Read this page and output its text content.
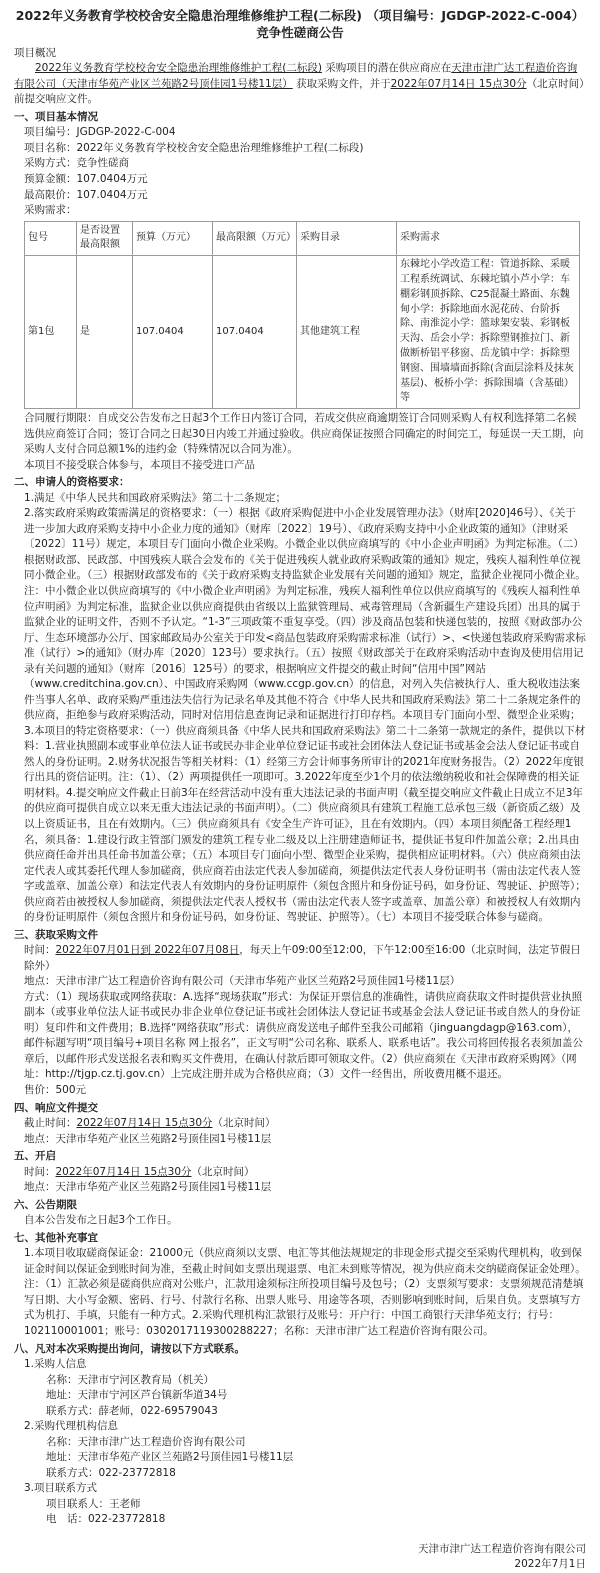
2022年义务教育学校校舍安全隐患治理维修维护工程(二标段) （项目编号：JGDGP-2022-C-004）竞争性磋商公告
项目概况
2022年义务教育学校校舍安全隐患治理维修维护工程(二标段) 采购项目的潜在供应商应在天津市津广达工程造价咨询有限公司（天津市华苑产业区兰苑路2号顶佳园1号楼11层） 获取采购文件，并于2022年07月14日 15点30分（北京时间）前提交响应文件。
一、项目基本情况
项目编号：JGDGP-2022-C-004
项目名称：2022年义务教育学校校舍安全隐患治理维修维护工程(二标段)
采购方式：竞争性磋商
预算金额：107.0404万元
最高限价：107.0404万元
采购需求：
包号	是否设置最高限额	预算（万元）	最高限额（万元）	采购目录	采购需求
第1包	是	107.0404	107.0404	其他建筑工程	东棘坨小学改造工程：管道拆除、采暖工程系统调试、东棘坨镇小芦小学：车棚彩钢顶拆除、C25混凝土路面、东魏甸小学：拆除地面水泥花砖、台阶拆除、南淮淀小学：篮球架安装、彩钢板天沟、岳会小学：拆除塑钢推拉门、新做断桥铝平移窗、岳龙镇中学：拆除塑钢窗、围墙墙面拆除(含面层涂料及抹灰基层)、板桥小学：拆除围墙（含基础）等
合同履行期限：自成交公告发布之日起3个工作日内签订合同，若成交供应商逾期签订合同则采购人有权利选择第二名候选供应商签订合同；签订合同之日起30日内竣工并通过验收。供应商保证按照合同确定的时间完工，每延误一天工期，向采购人支付合同总额1%的违约金（特殊情况以合同为准）。
本项目不接受联合体参与，本项目不接受进口产品
二、申请人的资格要求：
1.满足《中华人民共和国政府采购法》第二十二条规定；
2.落实政府采购政策需满足的资格要求：（一）根据《政府采购促进中小企业发展管理办法》（财库[2020]46号）、《关于进一步加大政府采购支持中小企业力度的通知》（财库〔2022〕19号）、《政府采购支持中小企业政策的通知》（津财采〔2022〕11号）规定，本项目专门面向小微企业采购。小微企业以供应商填写的《中小企业声明函》为判定标准。（二）根据财政部、民政部、中国残疾人联合会发布的《关于促进残疾人就业政府采购政策的通知》规定，残疾人福利性单位视同小微企业。（三）根据财政部发布的《关于政府采购支持监狱企业发展有关问题的通知》规定，监狱企业视同小微企业。注：中小微企业以供应商填写的《中小微企业声明函》为判定标准，残疾人福利性单位以供应商填写的《残疾人福利性单位声明函》为判定标准，监狱企业以供应商提供由省级以上监狱管理局、戒毒管理局（含新疆生产建设兵团）出具的属于监狱企业的证明文件，否则不予认定。“1-3”三项政策不重复享受。（四）涉及商品包装和快递包装的，按照《财政部办公厅、生态环境部办公厅、国家邮政局办公室关于印发<商品包装政府采购需求标准（试行）>、<快递包装政府采购需求标准（试行）>的通知》（财办库〔2020〕123号）要求执行。（五）按照《财政部关于在政府采购活动中查询及使用信用记录有关问题的通知》（财库〔2016〕125号）的要求，根据响应文件提交的截止时间“信用中国”网站（www.creditchina.gov.cn）、中国政府采购网（www.ccgp.gov.cn）的信息，对列入失信被执行人、重大税收违法案件当事人名单、政府采购严重违法失信行为记录名单及其他不符合《中华人民共和国政府采购法》第二十二条规定条件的供应商，拒绝参与政府采购活动，同时对信用信息查询记录和证据进行打印存档。本项目专门面向小型、微型企业采购；
3.本项目的特定资格要求：（一）供应商须具备《中华人民共和国政府采购法》第二十二条第一款规定的条件，提供以下材料：1.营业执照副本或事业单位法人证书或民办非企业单位登记证书或社会团体法人登记证书或基金会法人登记证书或自然人的身份证明。2.财务状况报告等相关材料：（1）经第三方会计师事务所审计的2021年度财务报告。（2）2022年度银行出具的资信证明。注：（1）、（2）两项提供任一项即可。3.2022年度至少1个月的依法缴纳税收和社会保障费的相关证明材料。4.提交响应文件截止日前3年在经营活动中没有重大违法记录的书面声明（截至提交响应文件截止日成立不足3年的供应商可提供自成立以来无重大违法记录的书面声明）。（二）供应商须具有建筑工程施工总承包三级（新资质乙级）及以上资质证书，且在有效期内。（三）供应商须具有《安全生产许可证》，且在有效期内。（四）本项目须配备工程经理1名，须具备：1.建设行政主管部门颁发的建筑工程专业二级及以上注册建造师证书，提供证书复印件加盖公章；2.出具由供应商任命并出具任命书加盖公章；（五）本项目专门面向小型、微型企业采购，提供相应证明材料。（六）供应商须由法定代表人或其委托代理人参加磋商，供应商若由法定代表人参加磋商，须提供法定代表人身份证明书（需由法定代表人签字或盖章、加盖公章）和法定代表人有效期内的身份证明原件（须包含照片和身份证号码，如身份证、驾驶证、护照等）；供应商若由被授权人参加磋商，须提供法定代表人授权书（需由法定代表人签字或盖章、加盖公章）和被授权人有效期内的身份证明原件（须包含照片和身份证号码，如身份证、驾驶证、护照等）。（七）本项目不接受联合体参与磋商。
三、获取采购文件
时间：2022年07月01日到 2022年07月08日，每天上午09:00至12:00，下午12:00至16:00（北京时间，法定节假日除外）
地点：天津市津广达工程造价咨询有限公司（天津市华苑产业区兰苑路2号顶佳园1号楼11层）
方式：（1）现场获取或网络获取：A.选择“现场获取”形式：为保证开票信息的准确性，请供应商获取文件时提供营业执照副本（或事业单位法人证书或民办非企业单位登记证书或社会团体法人登记证书或基金会法人登记证书或自然人的身份证明）复印件和文件费用；B.选择“网络获取”形式：请供应商发送电子邮件至我公司邮箱（jinguangdagp@163.com），邮件标题写明“项目编号+项目名称 网上报名”，正文写明“公司名称、联系人、联系电话”。我公司将回传报名表须加盖公章后，以邮件形式发送报名表和购买文件费用，在确认付款后即可领取文件。（2）供应商须在《天津市政府采购网》（网址：http://tjgp.cz.tj.gov.cn）上完成注册并成为合格供应商；（3）文件一经售出，所收费用概不退还。
售价：500元
四、响应文件提交
截止时间：2022年07月14日 15点30分（北京时间）
地点：天津市华苑产业区兰苑路2号顶佳园1号楼11层
五、开启
时间：2022年07月14日 15点30分（北京时间）
地点：天津市华苑产业区兰苑路2号顶佳园1号楼11层
六、公告期限
自本公告发布之日起3个工作日。
七、其他补充事宜
1.本项目收取磋商保证金：21000元（供应商须以支票、电汇等其他法规规定的非现金形式提交至采购代理机构，收到保证金时间以保证金到账时间为准，至截止时间如支票出现退票、电汇未到账等情况，视为供应商未交纳磋商保证金处理）。注：（1）汇款必须是磋商供应商对公账户，汇款用途须标注所投项目编号及包号；（2）支票须写要求：支票须规范清楚填写日期、大小写金额、密码、行号、付款行名称、出票人账号、用途等各项，否则影响到账时间，后果自负。支票填写方式为机打、手填，只能有一种方式。2.采购代理机构汇款银行及账号：开户行：中国工商银行天津华苑支行；行号：102110001001；账号：0302017119300288227；名称：天津市津广达工程造价咨询有限公司。
八、凡对本次采购提出询问，请按以下方式联系。
1.采购人信息
名称：天津市宁河区教育局（机关）
地址：天津市宁河区芦台镇新华道34号
联系方式：薛老师，022-69579043
2.采购代理机构信息
名称：天津市津广达工程造价咨询有限公司
地址：天津市华苑产业区兰苑路2号顶佳园1号楼11层
联系方式：022-23772818
3.项目联系方式
项目联系人：王老师
电　话：022-23772818
天津市津广达工程造价咨询有限公司
2022年7月1日
